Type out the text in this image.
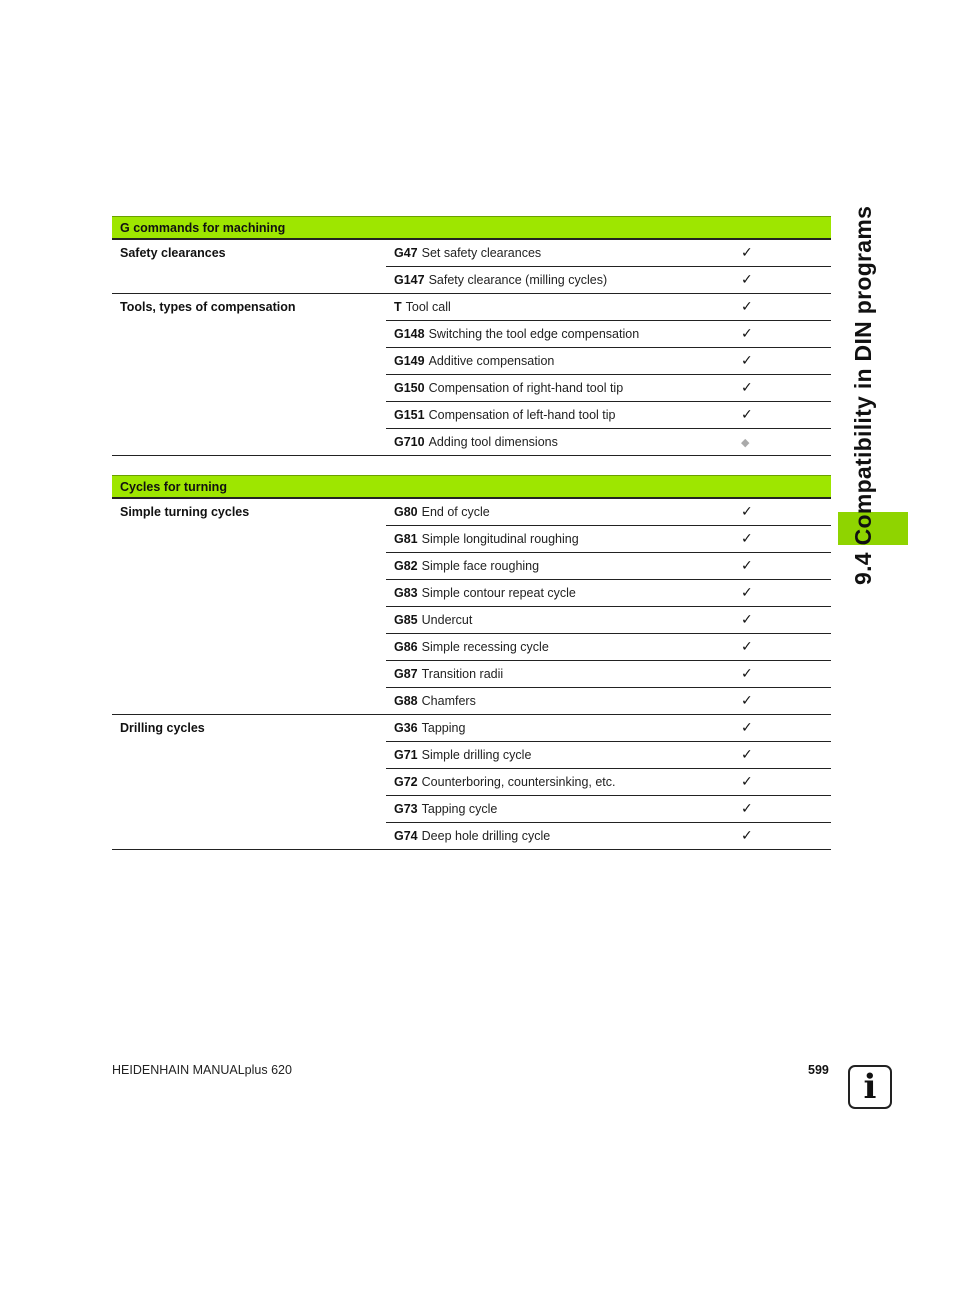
9.4 Compatibility in DIN programs
G commands for machining
Safety clearances	G47 Set safety clearances	✓
G147 Safety clearance (milling cycles)	✓
Tools, types of compensation	T Tool call	✓
G148 Switching the tool edge compensation	✓
G149 Additive compensation	✓
G150 Compensation of right-hand tool tip	✓
G151 Compensation of left-hand tool tip	✓
G710 Adding tool dimensions	◆
Cycles for turning
Simple turning cycles	G80 End of cycle	✓
G81 Simple longitudinal roughing	✓
G82 Simple face roughing	✓
G83 Simple contour repeat cycle	✓
G85 Undercut	✓
G86 Simple recessing cycle	✓
G87 Transition radii	✓
G88 Chamfers	✓
Drilling cycles	G36 Tapping	✓
G71 Simple drilling cycle	✓
G72 Counterboring, countersinking, etc.	✓
G73 Tapping cycle	✓
G74 Deep hole drilling cycle	✓
HEIDENHAIN MANUALplus 620	599	i
